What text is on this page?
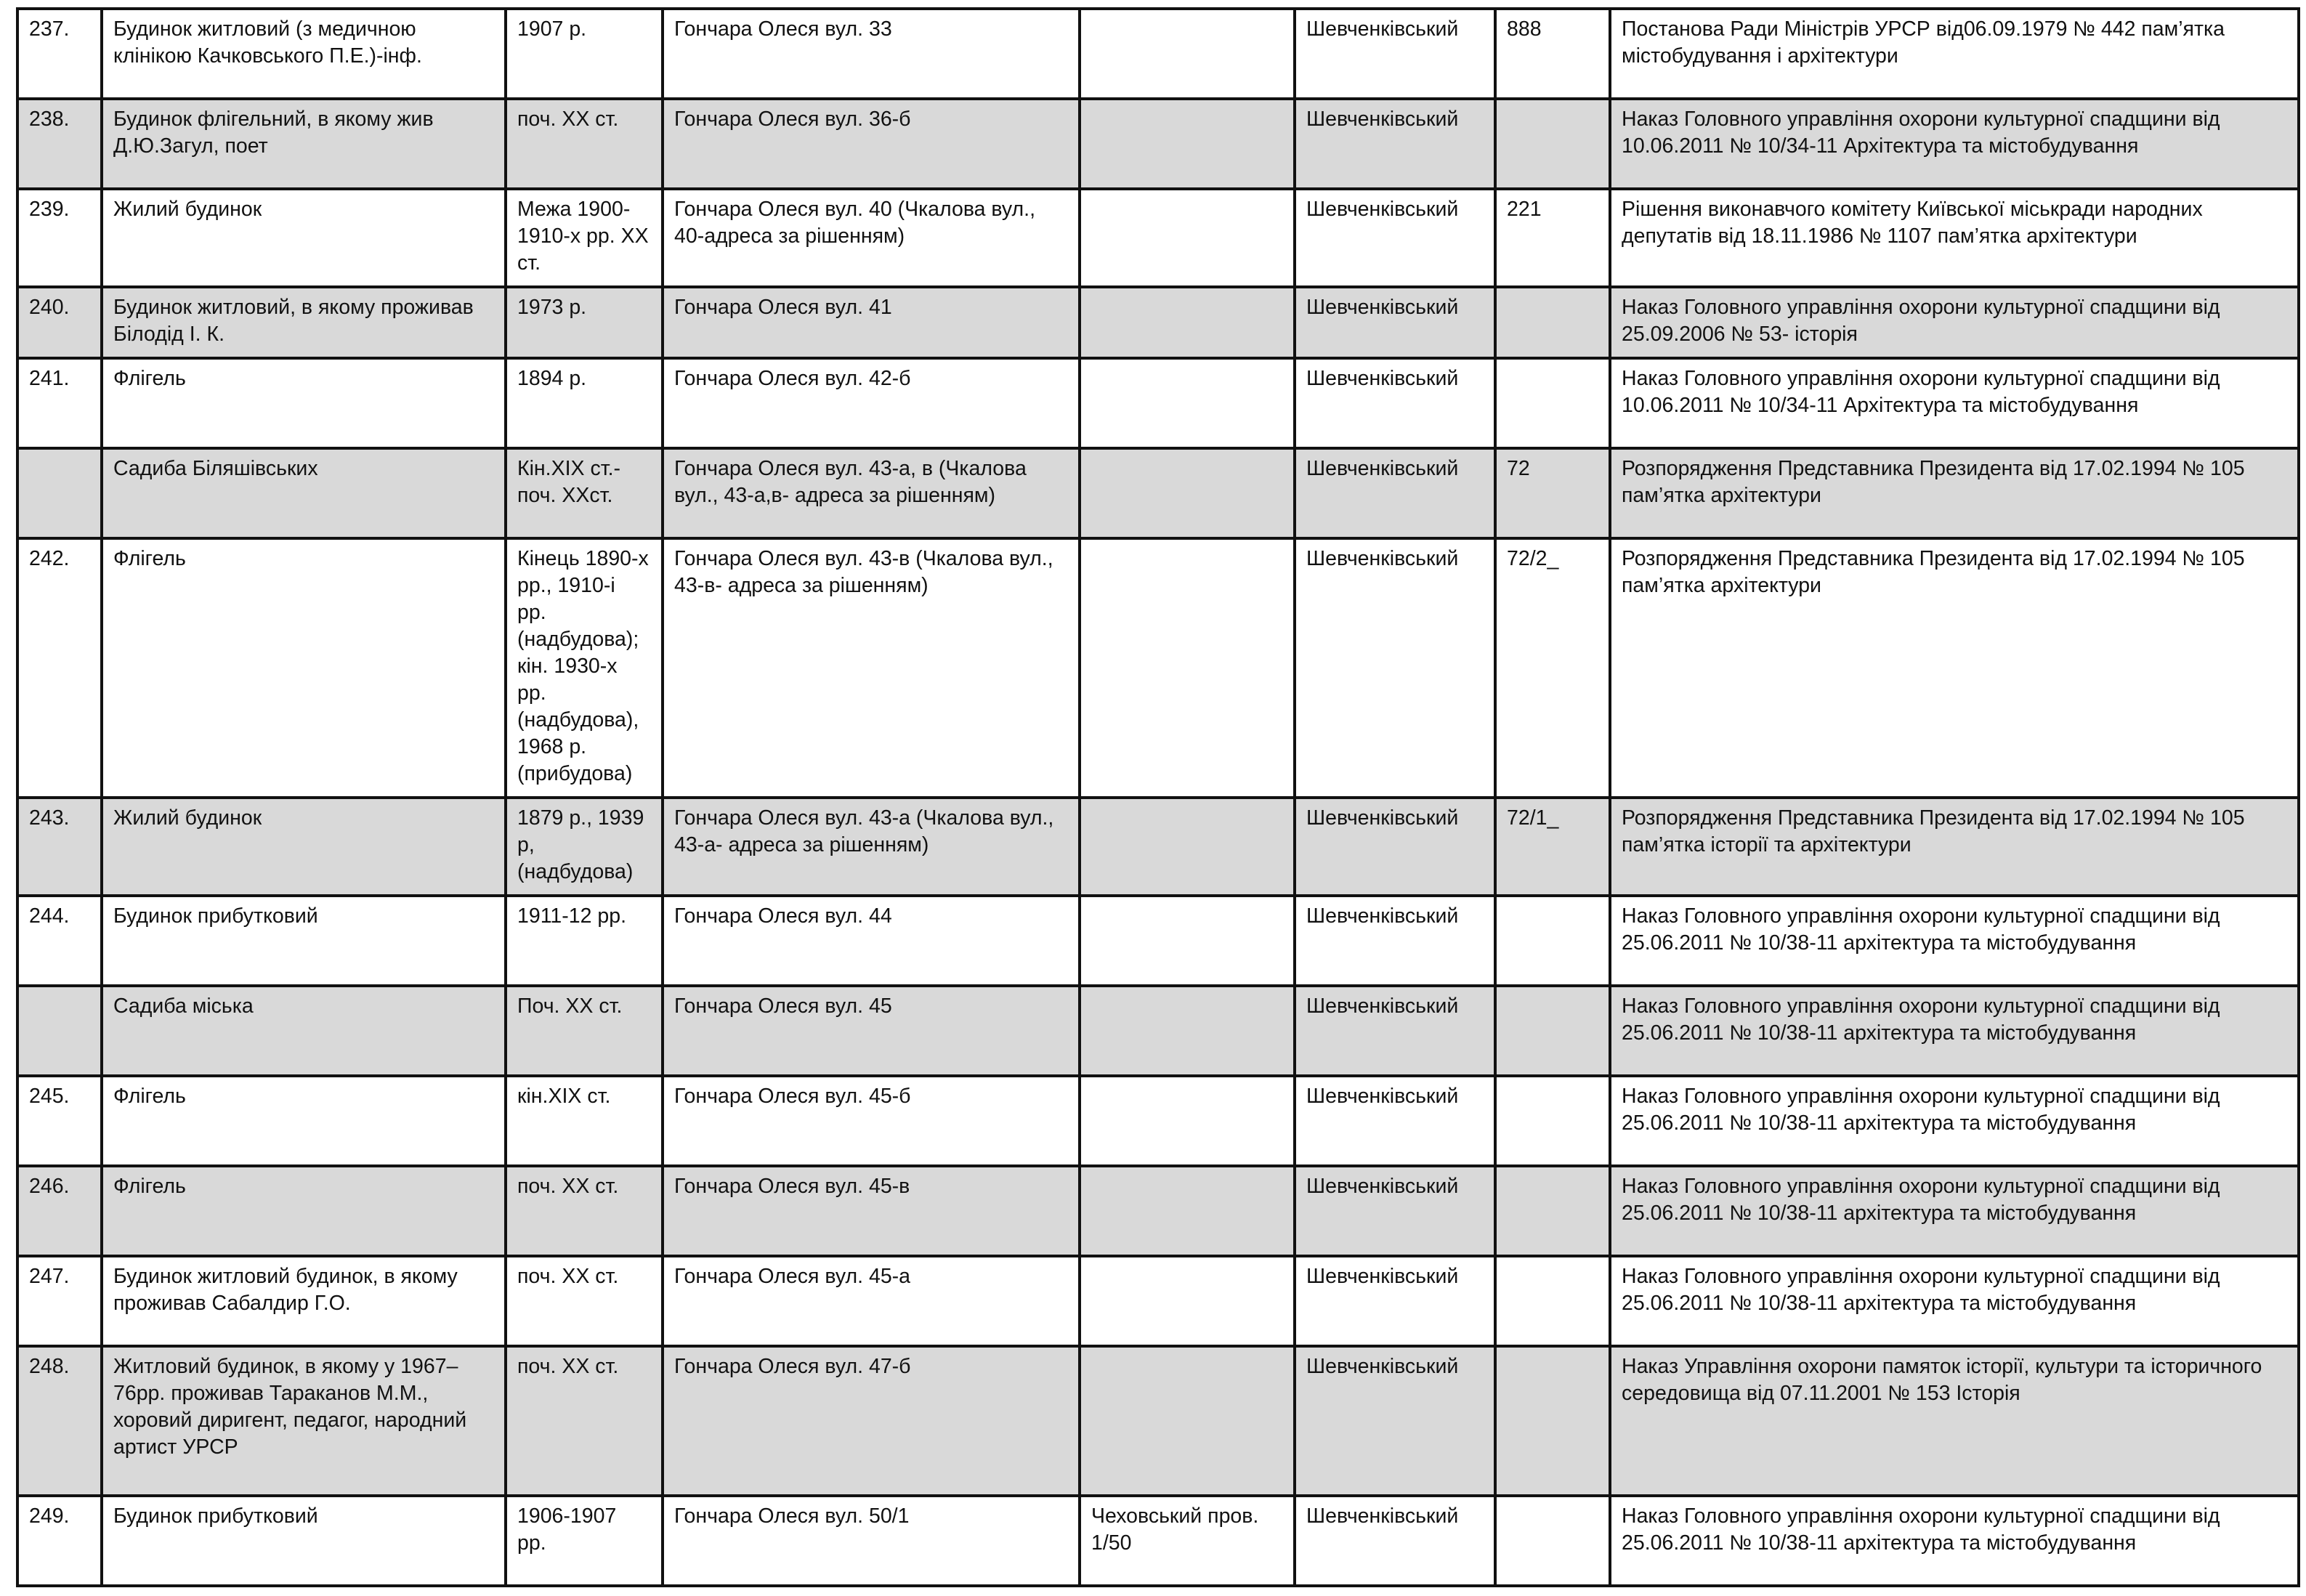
237.	Будинок житловий (з медичною клінікою Качковського П.Е.)-інф.	1907 р.	Гончара Олеся вул. 33		Шевченківський	888	Постанова Ради Міністрів УРСР від06.09.1979 № 442 пам’ятка містобудування і архітектури
238.	Будинок флігельний, в якому жив Д.Ю.Загул, поет	поч. ХХ ст.	Гончара Олеся вул. 36-б		Шевченківський		Наказ Головного управління охорони культурної спадщини від 10.06.2011 № 10/34-11 Архітектура та містобудування
239.	Жилий будинок	Межа 1900-1910-х рр. ХХ ст.	Гончара Олеся вул. 40 (Чкалова вул., 40-адреса за рішенням)		Шевченківський	221	Рішення виконавчого комітету Київської міськради народних депутатів від 18.11.1986 № 1107 пам’ятка архітектури
240.	Будинок житловий, в якому проживав Білодід І. К.	1973 р.	Гончара Олеся вул. 41		Шевченківський		Наказ Головного управління охорони культурної спадщини від 25.09.2006 № 53- історія
241.	Флігель	1894 р.	Гончара Олеся вул. 42-б		Шевченківський		Наказ Головного управління охорони культурної спадщини від 10.06.2011 № 10/34-11 Архітектура та містобудування
	Садиба Біляшівських	Кін.ХІХ ст.-поч. ХХст.	Гончара Олеся вул. 43-а, в (Чкалова вул., 43-а,в- адреса за рішенням)		Шевченківський	72	Розпорядження Представника Президента від 17.02.1994 № 105 пам’ятка архітектури
242.	Флігель	Кінець 1890-х рр., 1910-і рр. (надбудова); кін. 1930-х рр. (надбудова), 1968 р. (прибудова)	Гончара Олеся вул. 43-в (Чкалова вул., 43-в- адреса за рішенням)		Шевченківський	72/2_	Розпорядження Представника Президента від 17.02.1994 № 105 пам’ятка архітектури
243.	Жилий будинок	1879 р., 1939 р, (надбудова)	Гончара Олеся вул. 43-а (Чкалова вул., 43-а- адреса за рішенням)		Шевченківський	72/1_	Розпорядження Представника Президента від 17.02.1994 № 105 пам’ятка історії та архітектури
244.	Будинок прибутковий	1911-12 рр.	Гончара Олеся вул. 44		Шевченківський		Наказ Головного управління охорони культурної спадщини від 25.06.2011 № 10/38-11 архітектура та містобудування
	Садиба міська	Поч. ХХ ст.	Гончара Олеся вул. 45		Шевченківський		Наказ Головного управління охорони культурної спадщини від 25.06.2011 № 10/38-11 архітектура та містобудування
245.	Флігель	кін.ХІХ ст.	Гончара Олеся вул. 45-б		Шевченківський		Наказ Головного управління охорони культурної спадщини від 25.06.2011 № 10/38-11 архітектура та містобудування
246.	Флігель	поч. ХХ ст.	Гончара Олеся вул. 45-в		Шевченківський		Наказ Головного управління охорони культурної спадщини від 25.06.2011 № 10/38-11 архітектура та містобудування
247.	Будинок житловий будинок, в якому проживав Сабалдир Г.О.	поч. ХХ ст.	Гончара Олеся вул. 45-а		Шевченківський		Наказ Головного управління охорони культурної спадщини від 25.06.2011 № 10/38-11 архітектура та містобудування
248.	Житловий будинок, в якому у 1967–76рр. проживав Тараканов М.М., хоровий диригент, педагог, народний артист УРСР	поч. ХХ ст.	Гончара Олеся вул. 47-б		Шевченківський		Наказ Управління охорони памяток історії, культури та історичного середовища від 07.11.2001 № 153 Історія
249.	Будинок прибутковий	1906-1907 рр.	Гончара Олеся вул. 50/1	Чеховський пров. 1/50	Шевченківський		Наказ Головного управління охорони культурної спадщини від 25.06.2011 № 10/38-11 архітектура та містобудування
